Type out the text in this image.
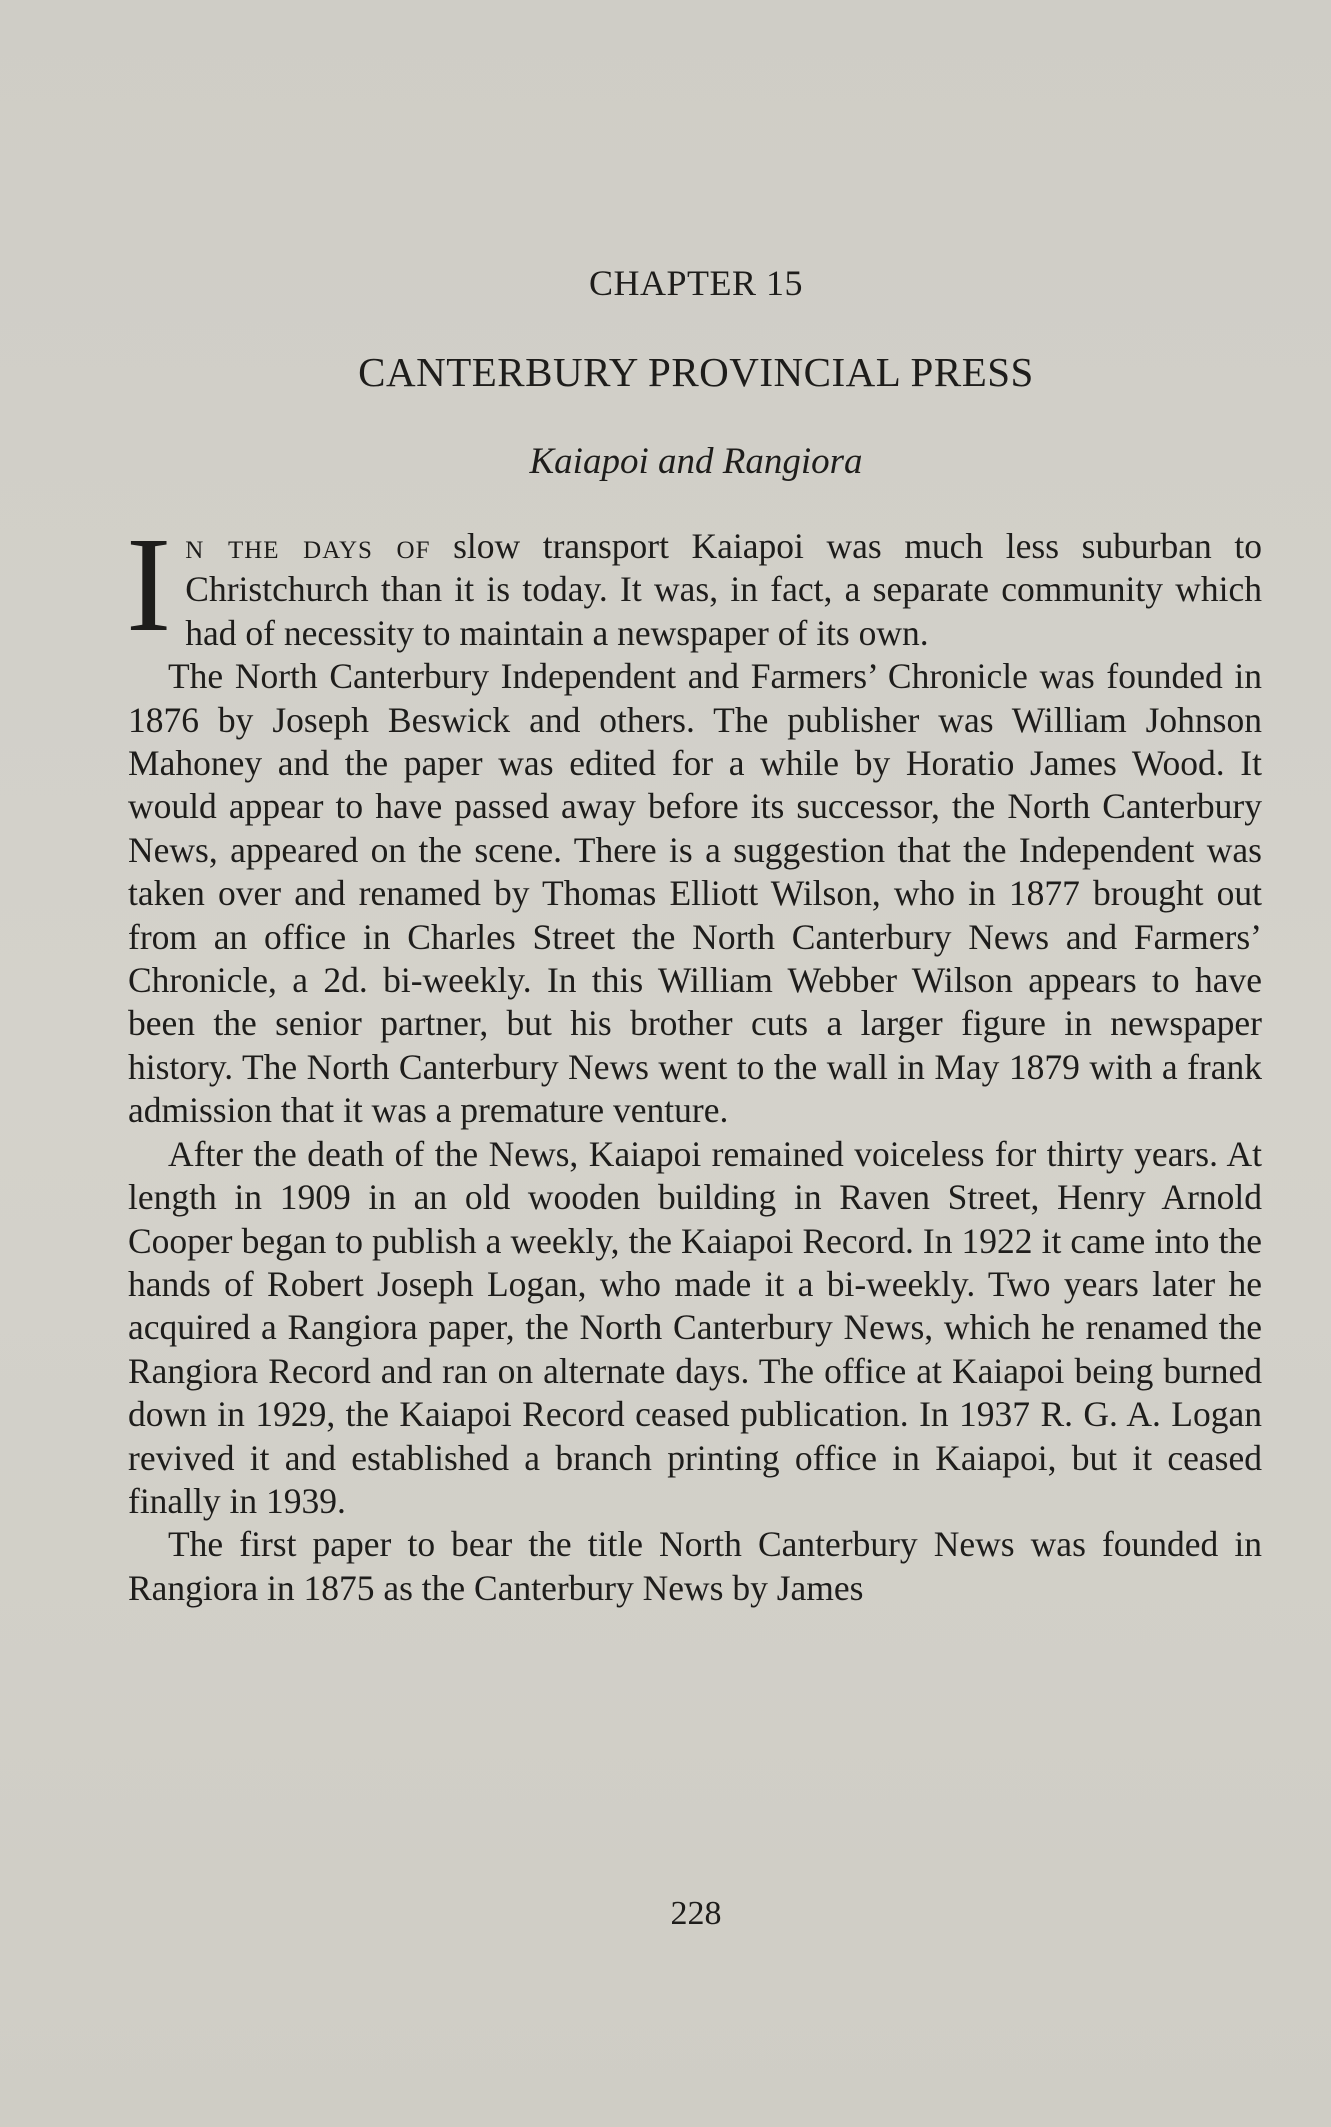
CHAPTER 15
CANTERBURY PROVINCIAL PRESS
Kaiapoi and Rangiora

In the days of slow transport Kaiapoi was much less suburban to Christchurch than it is today. It was, in fact, a separate community which had of necessity to maintain a newspaper of its own.

The North Canterbury Independent and Farmers’ Chronicle was founded in 1876 by Joseph Beswick and others. The publisher was William Johnson Mahoney and the paper was edited for a while by Horatio James Wood. It would appear to have passed away before its successor, the North Canterbury News, appeared on the scene. There is a suggestion that the Independent was taken over and renamed by Thomas Elliott Wilson, who in 1877 brought out from an office in Charles Street the North Canterbury News and Farmers’ Chronicle, a 2d. bi-weekly. In this William Webber Wilson appears to have been the senior partner, but his brother cuts a larger figure in newspaper history. The North Canterbury News went to the wall in May 1879 with a frank admission that it was a premature venture.

After the death of the News, Kaiapoi remained voiceless for thirty years. At length in 1909 in an old wooden building in Raven Street, Henry Arnold Cooper began to publish a weekly, the Kaiapoi Record. In 1922 it came into the hands of Robert Joseph Logan, who made it a bi-weekly. Two years later he acquired a Rangiora paper, the North Canterbury News, which he renamed the Rangiora Record and ran on alternate days. The office at Kaiapoi being burned down in 1929, the Kaiapoi Record ceased publication. In 1937 R. G. A. Logan revived it and established a branch printing office in Kaiapoi, but it ceased finally in 1939.

The first paper to bear the title North Canterbury News was founded in Rangiora in 1875 as the Canterbury News by James

228
